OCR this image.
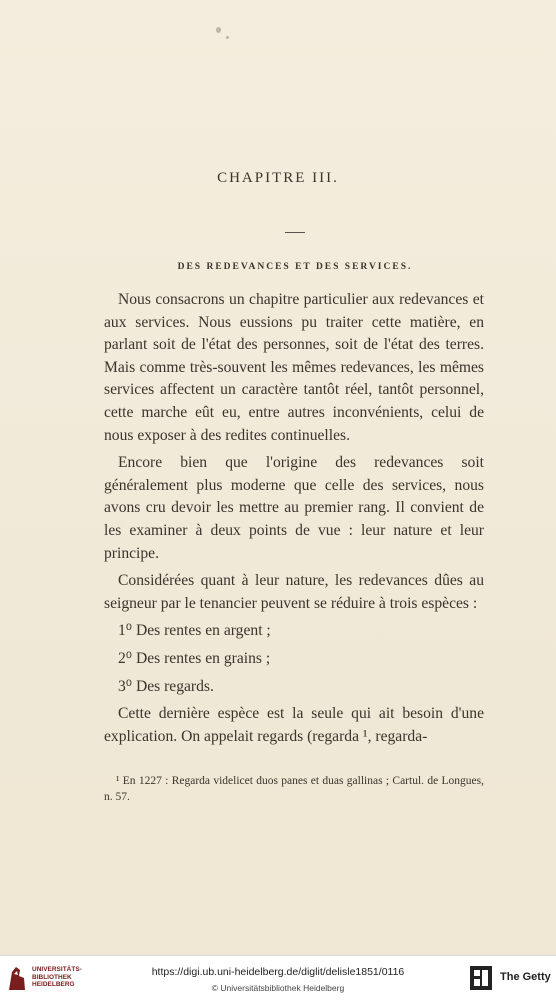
CHAPITRE III.
DES REDEVANCES ET DES SERVICES.

Nous consacrons un chapitre particulier aux redevances et aux services. Nous eussions pu traiter cette matière, en parlant soit de l'état des personnes, soit de l'état des terres. Mais comme très-souvent les mêmes redevances, les mêmes services affectent un caractère tantôt réel, tantôt personnel, cette marche eût eu, entre autres inconvénients, celui de nous exposer à des redites continuelles.

Encore bien que l'origine des redevances soit généralement plus moderne que celle des services, nous avons cru devoir les mettre au premier rang. Il convient de les examiner à deux points de vue : leur nature et leur principe.

Considérées quant à leur nature, les redevances dûes au seigneur par le tenancier peuvent se réduire à trois espèces :

1⁰ Des rentes en argent ;

2⁰ Des rentes en grains ;

3⁰ Des regards.

Cette dernière espèce est la seule qui ait besoin d'une explication. On appelait regards (regarda ¹, regarda-

¹ En 1227 : Regarda videlicet duos panes et duas gallinas ; Cartul. de Longues, n. 57.
UNIVERSITÄTS-
BIBLIOTHEK
HEIDELBERG
https://digi.ub.uni-heidelberg.de/diglit/delisle1851/0116
© Universitätsbibliothek Heidelberg
The Getty
